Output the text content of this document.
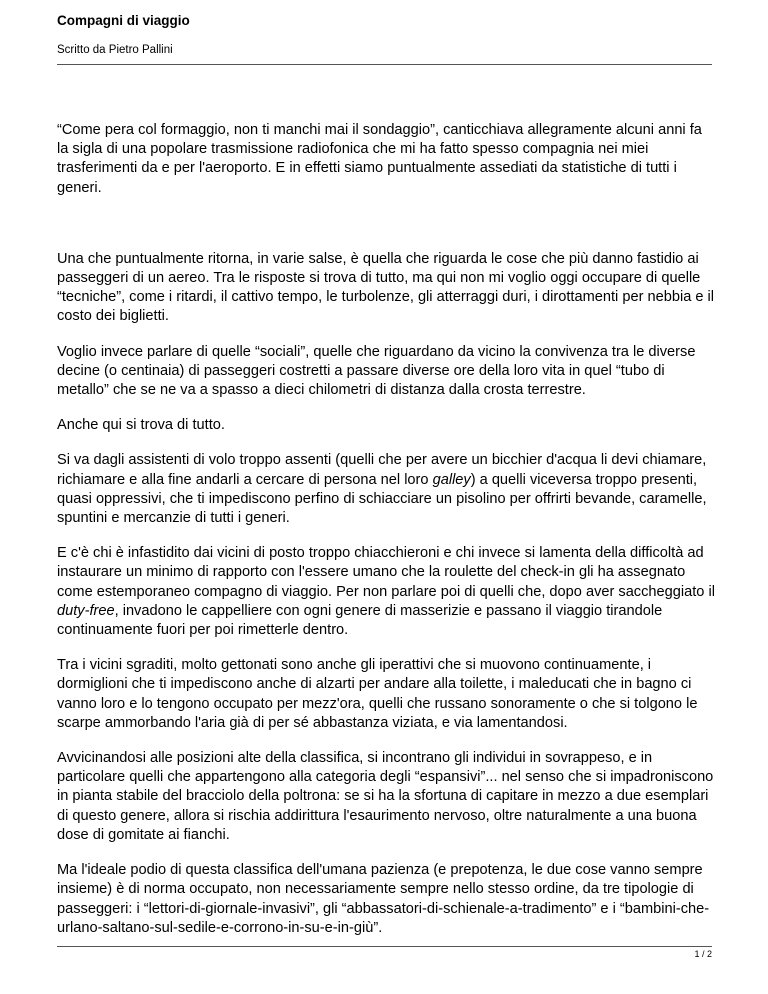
Compagni di viaggio
Scritto da Pietro Pallini

“Come pera col formaggio, non ti manchi mai il sondaggio”, canticchiava allegramente alcuni anni fa la sigla di una popolare trasmissione radiofonica che mi ha fatto spesso compagnia nei miei trasferimenti da e per l'aeroporto. E in effetti siamo puntualmente assediati da statistiche di tutti i generi.

Una che puntualmente ritorna, in varie salse, è quella che riguarda le cose che più danno fastidio ai passeggeri di un aereo. Tra le risposte si trova di tutto, ma qui non mi voglio oggi occupare di quelle “tecniche”, come i ritardi, il cattivo tempo, le turbolenze, gli atterraggi duri, i dirottamenti per nebbia e il costo dei biglietti.

Voglio invece parlare di quelle “sociali”, quelle che riguardano da vicino la convivenza tra le diverse decine (o centinaia) di passeggeri costretti a passare diverse ore della loro vita in quel “tubo di metallo” che se ne va a spasso a dieci chilometri di distanza dalla crosta terrestre.

Anche qui si trova di tutto.

Si va dagli assistenti di volo troppo assenti (quelli che per avere un bicchier d'acqua li devi chiamare, richiamare e alla fine andarli a cercare di persona nel loro galley) a quelli viceversa troppo presenti, quasi oppressivi, che ti impediscono perfino di schiacciare un pisolino per offrirti bevande, caramelle, spuntini e mercanzie di tutti i generi.

E c'è chi è infastidito dai vicini di posto troppo chiacchieroni e chi invece si lamenta della difficoltà ad instaurare un minimo di rapporto con l'essere umano che la roulette del check-in gli ha assegnato come estemporaneo compagno di viaggio. Per non parlare poi di quelli che, dopo aver saccheggiato il duty-free, invadono le cappelliere con ogni genere di masserizie e passano il viaggio tirandole continuamente fuori per poi rimetterle dentro.

Tra i vicini sgraditi, molto gettonati sono anche gli iperattivi che si muovono continuamente, i dormiglioni che ti impediscono anche di alzarti per andare alla toilette, i maleducati che in bagno ci vanno loro e lo tengono occupato per mezz'ora, quelli che russano sonoramente o che si tolgono le scarpe ammorbando l'aria già di per sé abbastanza viziata, e via lamentandosi.

Avvicinandosi alle posizioni alte della classifica, si incontrano gli individui in sovrappeso, e in particolare quelli che appartengono alla categoria degli “espansivi”... nel senso che si impadroniscono in pianta stabile del bracciolo della poltrona: se si ha la sfortuna di capitare in mezzo a due esemplari di questo genere, allora si rischia addirittura l'esaurimento nervoso, oltre naturalmente a una buona dose di gomitate ai fianchi.

Ma l'ideale podio di questa classifica dell'umana pazienza (e prepotenza, le due cose vanno sempre insieme) è di norma occupato, non necessariamente sempre nello stesso ordine, da tre tipologie di passeggeri: i “lettori-di-giornale-invasivi”, gli “abbassatori-di-schienale-a-tradimento” e i “bambini-che-urlano-saltano-sul-sedile-e-corrono-in-su-e-in-giù”.

1 / 2
